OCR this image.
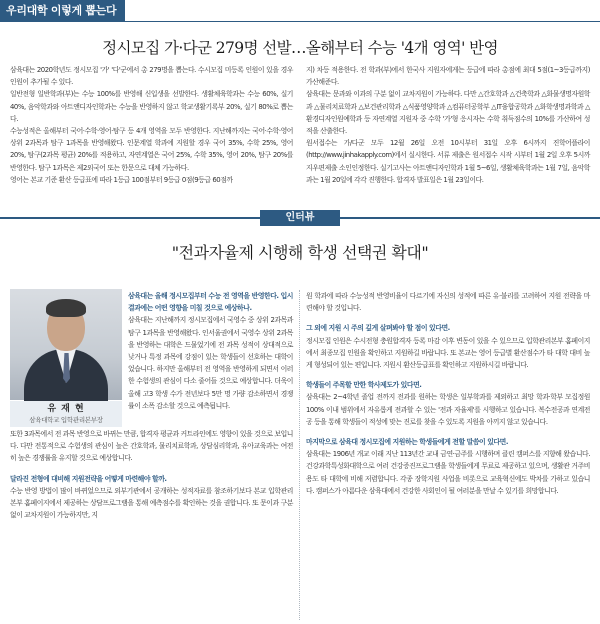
우리대학 이렇게 뽑는다
정시모집 가·다군 279명 선발…올해부터 수능 '4개 영역' 반영

삼육대는 2020학년도 정시모집 '가' '다'군에서 총 279명을 뽑는다. 수시모집 미등록 인원이 있을 경우 인원이 추가될 수 있다.

일반전형 일반학과(부)는 수능 100%를 반영해 신입생을 선발한다. 생활체육학과는 수능 60%, 실기 40%, 음악학과와 아트앤디자인학과는 수능을 반영하지 않고 학교생활기록부 20%, 실기 80%로 뽑는다.

수능성적은 올해부터 국어·수학·영어·탐구 등 4개 영역을 모두 반영한다. 지난해까지는 국어·수학·영어 상위 2과목과 탐구 1과목을 반영해왔다. 인문계열 학과에 지원할 경우 국어 35%, 수학 25%, 영어 20%, 탐구(2과목 평균) 20%를 적용하고, 자연계열은 국어 25%, 수학 35%, 영어 20%, 탐구 20%를 반영한다. 탐구 1과목은 제2외국어 또는 한문으로 대체 가능하다.

영어는 본교 기준 환산 등급표에 따라 1등급 100점부터 9등급 0점(9등급 60점까

지) 차등 적용한다. 전 학과(부)에서 한국사 지원자에게는 등급에 따라 총점에 최대 5점(1~3등급까지) 가산해준다.

삼육대는 문과와 이과의 구분 없이 교차지원이 가능하다. 다만 △간호학과 △건축학과 △화물생명자원학과 △물리치료학과 △보건관리학과 △식품영양학과 △컴퓨터공학부 △IT융합공학과 △화학생명과학과 △환경디자인원예학과 등 자연계열 지원자 중 수학 '가'형 응시자는 수학 취득점수의 10%를 가산하여 성적을 산출한다.

원서접수는 가/다군 모두 12월 26일 오전 10시부터 31일 오후 6시까지 진학어플라이(http://www.jinhakapply.com)에서 실시한다. 서류 제출은 원서접수 시작 시부터 1월 2일 오후 5시까지우편제출 소인인정한다. 실기고사는 아트앤디자인학과 1월 5~6일, 생활체육학과는 1월 7일, 음악학과는 1월 20일에 각각 진행한다. 합격자 발표일은 1월 23일이다.

인터뷰
"전과자율제 시행해 학생 선택권 확대"
유 재 현
삼육대학교 입학관리본부장

삼육대는 올해 정시모집부터 수능 전 영역을 반영한다. 입시 결과에는 어떤 영향을 미칠 것으로 예상하나.

삼육대는 지난해까지 정시모집에서 국영수 중 상위 2과목과 탐구 1과목을 반영해왔다. 인서울권에서 국영수 상위 2과목을 반영하는 대학은 드물었기에 전 과목 성적이 상대적으로 낮거나 특정 과목에 강점이 있는 학생들이 선호하는 대학이었습니다. 하지만 올해부터 전 영역을 반영하게 되면서 이러한 수험생의 관심이 다소 줄어들 것으로 예상합니다. 더욱이 올해 고3 학생 수가 전년보다 5만 명 가량 감소하면서 경쟁률이 소폭 감소할 것으로 예측됩니다.

또한 3과목에서 전 과목 반영으로 바뀌는 만큼, 합격자 평균과 커트라인에도 영향이 있을 것으로 보입니다. 다만 전통적으로 수험생의 관심이 높은 간호학과, 물리치료학과, 상담심리학과, 유아교육과는 여전히 높은 경쟁률을 유지할 것으로 예상합니다.

달라진 전형에 대비해 지원전략을 어떻게 마련해야 할까.

수능 반영 방법이 많이 바뀌었으므로 외부기관에서 공개하는 성적자료를 참조하기보다 본교 입학관리본부 홈페이지에서 제공하는 상담프로그램을 통해 예측점수를 확인하는 것을 권합니다. 또 문이과 구분 없이 교차지원이 가능하지만, 지

원 학과에 따라 수능성적 반영비율이 다르기에 자신의 성적에 따른 유·불리를 고려하여 지원 전략을 마련해야 할 것입니다.

그 외에 지원 시 주의 깊게 살펴봐야 할 점이 있다면.

정시모집 인원은 수시전형 충원합격자 등록 마감 이후 변동이 있을 수 있으므로 입학관리본부 홈페이지에서 최종모집 인원을 확인하고 지원하길 바랍니다. 또 본교는 영어 등급별 환산점수가 타 대학 대비 높게 형성되어 있는 편입니다. 지원시 환산등급표를 확인하고 지원하시길 바랍니다.

학생들이 주목할 만한 학사제도가 있다면.

삼육대는 2~4학년 졸업 전까지 전과를 원하는 학생은 일부학과를 제외하고 최망 학과·학부 모집정원 100% 이내 범위에서 자유롭게 전과할 수 있는 '전과 자율제'를 시행하고 있습니다. 복수전공과 연계전공 등을 통해 학생들이 적성에 맞는 진로를 찾을 수 있도록 지원을 아끼지 않고 있습니다.

마지막으로 삼육대 정시모집에 지원하는 학생들에게 전할 말씀이 있다면.

삼육대는 1906년 개교 이래 지난 113년간 교내 금연·금주를 시행하며 클린 캠퍼스를 지향해 왔습니다. 건강과학특성화대학으로 여러 건강증진프로그램을 학생들에게 무료로 제공하고 있으며, 생활관 거주비용도 타 대학에 비해 저렴합니다. 각종 장학지원 사업을 비롯으로 교육혁신에도 박차를 가하고 있습니다. 캠퍼스가 아름다운 삼육대에서 건강한 사회인이 될 여러분을 만날 수 있기를 희망합니다.
